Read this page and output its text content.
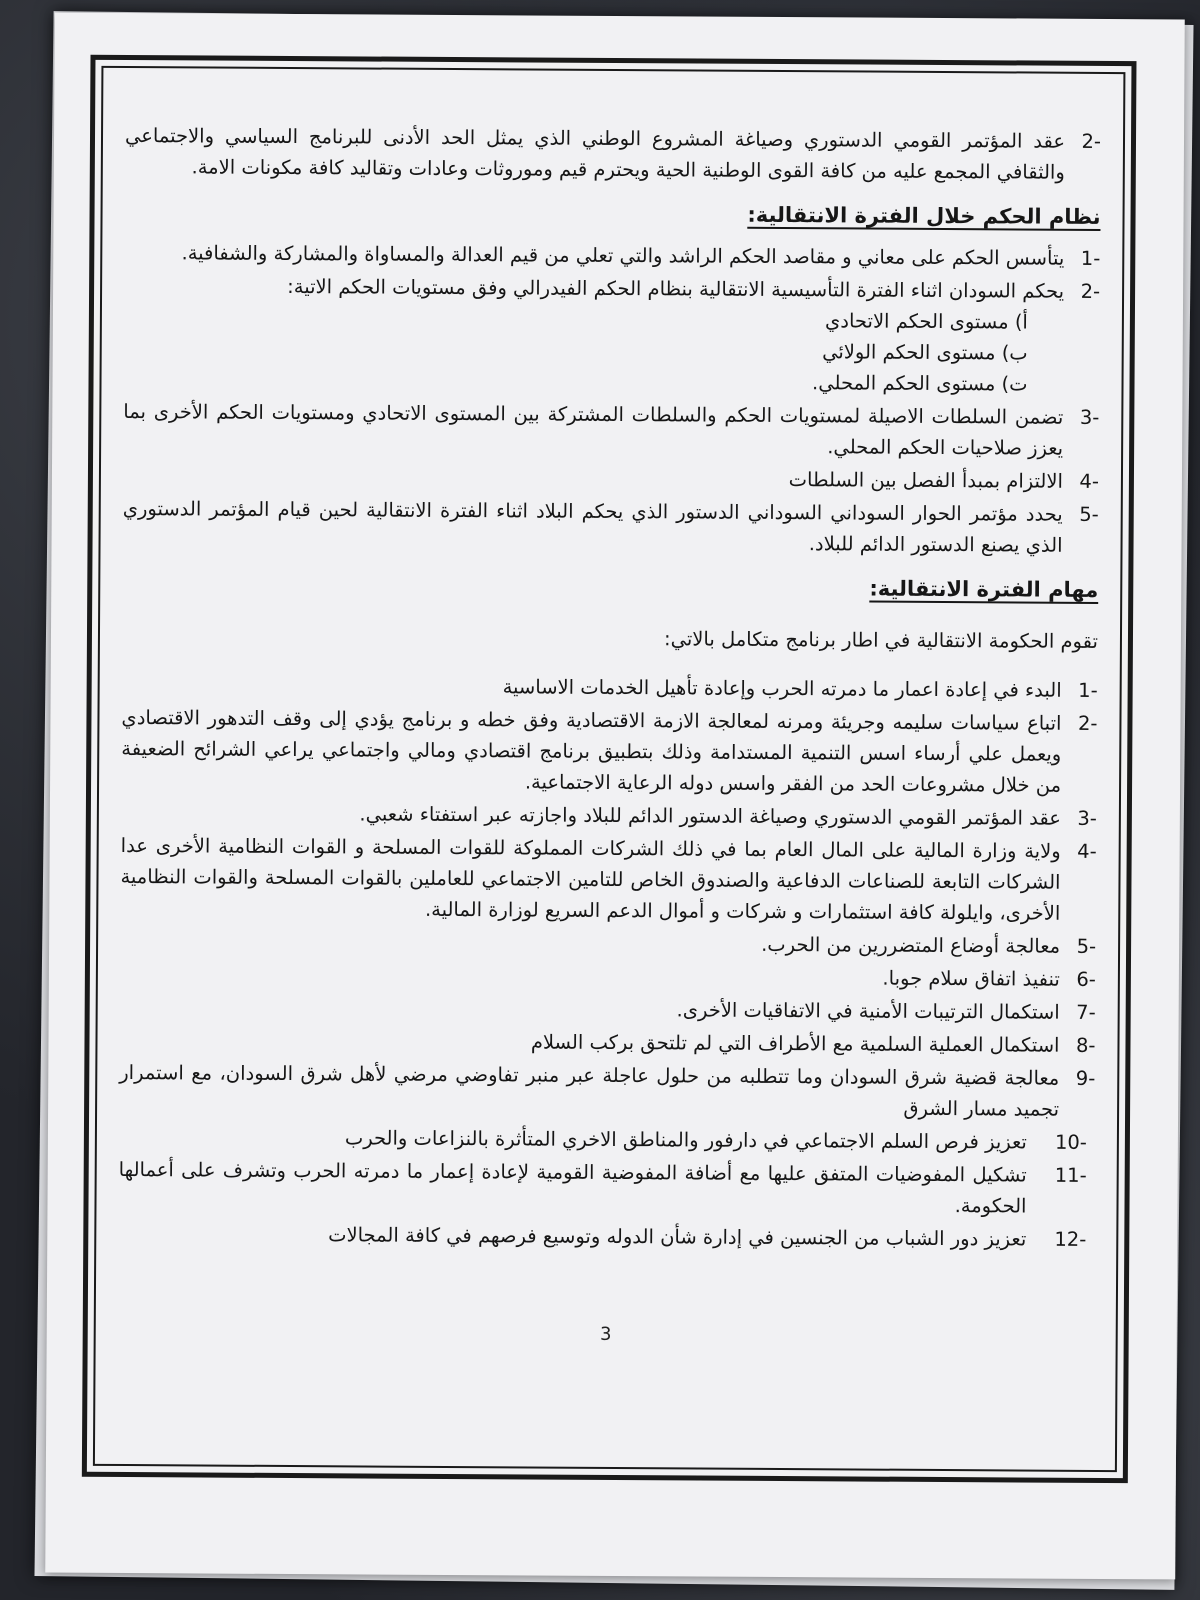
-2
عقد المؤتمر القومي الدستوري وصياغة المشروع الوطني الذي يمثل الحد الأدنى للبرنامج السياسي والاجتماعي والثقافي المجمع عليه من كافة القوى الوطنية الحية ويحترم قيم وموروثات وعادات وتقاليد كافة مكونات الامة.
نظام الحكم خلال الفترة الانتقالية:
-1
يتأسس الحكم على معاني و مقاصد الحكم الراشد والتي تعلي من قيم العدالة والمساواة والمشاركة والشفافية.
-2
يحكم السودان اثناء الفترة التأسيسية الانتقالية بنظام الحكم الفيدرالي وفق مستويات الحكم الاتية:
أ) مستوى الحكم الاتحادي
ب) مستوى الحكم الولائي
ت) مستوى الحكم المحلي.
-3
تضمن السلطات الاصيلة لمستويات الحكم والسلطات المشتركة بين المستوى الاتحادي ومستويات الحكم الأخرى بما يعزز صلاحيات الحكم المحلي.
-4
الالتزام بمبدأ الفصل بين السلطات
-5
يحدد مؤتمر الحوار السوداني السوداني الدستور الذي يحكم البلاد اثناء الفترة الانتقالية لحين قيام المؤتمر الدستوري الذي يصنع الدستور الدائم للبلاد.
مهام الفترة الانتقالية:
تقوم الحكومة الانتقالية في اطار برنامج متكامل بالاتي:
-1
البدء في إعادة اعمار ما دمرته الحرب وإعادة تأهيل الخدمات الاساسية
-2
اتباع سياسات سليمه وجريئة ومرنه لمعالجة الازمة الاقتصادية وفق خطه و برنامج يؤدي إلى وقف التدهور الاقتصادي ويعمل علي أرساء اسس التنمية المستدامة وذلك بتطبيق برنامج اقتصادي ومالي واجتماعي يراعي الشرائح الضعيفة من خلال مشروعات الحد من الفقر واسس دوله الرعاية الاجتماعية.
-3
عقد المؤتمر القومي الدستوري وصياغة الدستور الدائم للبلاد واجازته عبر استفتاء شعبي.
-4
ولاية وزارة المالية على المال العام بما في ذلك الشركات المملوكة للقوات المسلحة و القوات النظامية الأخرى عدا الشركات التابعة للصناعات الدفاعية والصندوق الخاص للتامين الاجتماعي للعاملين بالقوات المسلحة والقوات النظامية الأخرى، وايلولة كافة استثمارات و شركات و أموال الدعم السريع لوزارة المالية.
-5
معالجة أوضاع المتضررين من الحرب.
-6
تنفيذ اتفاق سلام جوبا.
-7
استكمال الترتيبات الأمنية في الاتفاقيات الأخرى.
-8
استكمال العملية السلمية مع الأطراف التي لم تلتحق بركب السلام
-9
معالجة قضية شرق السودان وما تتطلبه من حلول عاجلة عبر منبر تفاوضي مرضي لأهل شرق السودان، مع استمرار تجميد مسار الشرق
-10
تعزيز فرص السلم الاجتماعي في دارفور والمناطق الاخري المتأثرة بالنزاعات والحرب
-11
تشكيل المفوضيات المتفق عليها مع أضافة المفوضية القومية لإعادة إعمار ما دمرته الحرب وتشرف على أعمالها الحكومة.
-12
تعزيز دور الشباب من الجنسين في إدارة شأن الدوله وتوسيع فرصهم في كافة المجالات
3
